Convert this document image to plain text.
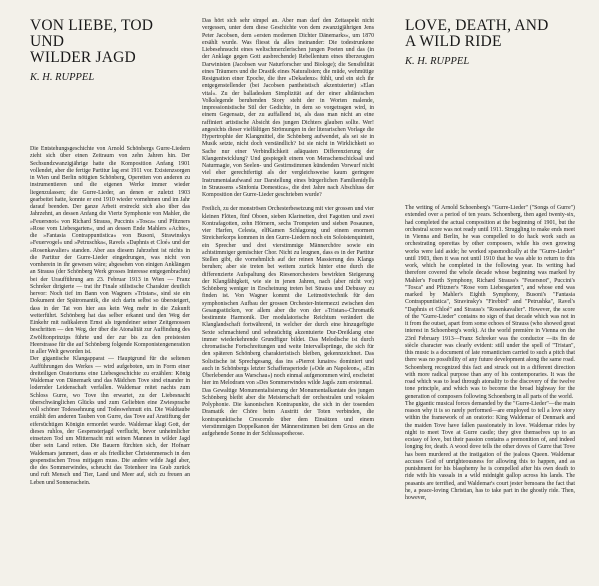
VON LIEBE, TOD UND
WILDER JAGD
K. H. RUPPEL

Die Entstehungsgeschichte von Arnold Schönbergs Gurre-Liedern zieht sich über einen Zeitraum von zehn Jahren hin. Der Sechsundzwanzigjährige hatte die Komposition Anfang 1901 vollendet, aber die fertige Partitur lag erst 1911 vor. Existenzsorgen in Wien und Berlin nötigten Schönberg, Operetten von anderen zu instrumentieren und die eigenen Werke immer wieder liegenzulassen; die Gurre-Lieder, an denen er zuletzt 1903 gearbeitet hatte, konnte er erst 1910 wieder vornehmen und im Jahr darauf beenden. Der ganze Arbeit erstreckt sich also über das Jahrzehnt, an dessen Anfang die Vierte Symphonie von Mahler, die »Feuersnot« von Richard Strauss, Puccinis »Tosca« und Pfitzners »Rose vom Liebesgarten«, und an dessen Ende Mahlers »Achte«, die »Fantasia Contrappuntistica« von Busoni, Strawinskys »Feuervogel« und »Petruschka«, Ravels »Daphnis et Cloé« und der »Rosenkavalier« standen. Aber aus diesem Jahrzehnt ist nichts in die Partitur der Gurre-Lieder eingedrungen, was nicht von vornherein in ihr gewesen wäre; abgesehen von einigen Anklängen an Strauss (der Schönberg Werk grosses Interesse entgegenbrachte) bei der Uraufführung am 23. Februar 1913 in Wien — Franz Schreker dirigierte — trat ihr Finale stilistische Charakter deutlich hervor: Noch tief im Bann von Wagners »Tristan«, sind sie ein Dokument der Spätromantik, die sich darin selbst so übersteigert, dass in der Tat von hier aus kein Weg mehr in die Zukunft weiterführt. Schönberg hat das selber erkannt und den Weg der Einkehr mit radikaleren Ernst als irgendeiner seiner Zeitgenossen beschritten — den Weg, der über die Atonalität zur Auffindung des Zwölftonprinzips führte und der zur bis zu den preistesten Heerstrasse für die auf Schönberg folgende Komponistengeneration in aller Welt geworden ist.

Der gigantische Klangapparat — Hauptgrund für die seltenen Aufführungen des Werkes — wird aufgeboten, um in Form einer dreiteiligen Oratoriums eine Liebesgeschichte zu erzählen: König Waldemar von Dänemark und das Mädchen Tove sind einander in lodernder Leidenschaft verfallen. Waldemar reitet nachts zum Schloss Gurre, wo Tove ihn erwartet, zu der Liebesnacht überschwänglichen Glücks und zum Geliebten eine Zwiesprache voll schöner Todessehnung und Todeswehmutt ein. Die Waldtaube erzählt den anderen Tauben von Gurre, das Tove auf Anstiftung der eifersüchtigen Königin ermordet wurde. Waldemar klagt Gott, der dieses ruhlos, der Gespensterjagd verflucht, bevor unheimlicher einsetzen Tod um Mitternacht mit seinen Mannen in wilder Jagd über sein Land reiten. Die Bauern fürchten sich, der Hofnarr Waldemars jammert, dass er als friedlicher Christenmensch in den gespenstischen Tross mitjagen muss. Die andere wilde Jagd aber, die des Sommerwindes, scheucht das Totenheer ins Grab zurück und ruft Mensch und Tier, Land und Meer auf, sich zu freuen an Leben und Sonnenschein.

Das hört sich sehr simpel an. Aber man darf den Zeitaspekt nicht vergessen, unter dem diese Geschichte von dem zwanzigjährigen Jens Peter Jacobsen, dem »ersten modernen Dichter Dänemarks«, um 1870 ersählt wurde. Was fliesst da alles ineinander: Die todestrunkene Liebesehnsucht eines weltschmerzlerischen jungen Poeten und das (in der Anklage gegen Gott ausbrechende) Rebellentum eines überzeugten Darwinisten (Jacobsen war Naturforscher und Biologe); die Sensibilität eines Träumers und die Drastik eines Naturalisten; die müde, wehmütige Resignation einer Epoche, die ihre »Dekadenz« fühlt, und ein sich ihr entgegenstellender (bei Jacobsen pantheistisch akzentuierter) »Elan vital«. Zu der balladesken Simplizität auf der einer altdänischen Volkslegende beruhenden Story steht der in Worten malende, impressionistische Stil der Gedichte, in dem so vorgetragen wird, in einem Gegensatz, der zu auffallend ist, als dass man nicht an eine raffiniert artistische Absicht des jungen Dichters glauben sollte. Wer! angesichts dieser vielfältigen Strömungen in der literarischen Vorlage die Hypertrophie der Klangmittel, die Schönberg aufwendet, als sei sie in Musik setzte, nicht doch verständlich? Ist sie nicht in Wirklichkeit so Sache nur einer Verbindlichkeit adäquaten Differenzierung der Klangentwicklung? Und gespiegelt einem von Menschenschicksal und Naturmagie, von Seelen- und Gestirnstimmen kündenden Vorwurf nicht viel eher gerechtfertigt als der vergleichsweise kaum geringere Instrumentalaufwand zur Darstellung eines bürgerlichen Familienidylls in Straussens »Sinfonia Domestica«, die drei Jahre nach Abschluss der Komposition der Gurre-Lieder geschrieben wurde?

Freilich, zu der monströsen Orchesterbesetzung mit vier grossen und vier kleinen Flöten, fünf Oboen, sieben Klarinetten, drei Fagotten und zwei Kontrafagotten, zehn Hörnern, sechs Trompeten und sieben Posaunen, vier Harfen, Celesta, elfKamen Schlagzeug und einem enormen Streicherkorps kommen in den Gurre-Liedern noch ein Soloistenquintett, ein Sprecher und drei vierstimmige Männerchöre sowie ein achtstimmiger gemischter Chor. Nicht zu leugnen, dass es in der Partitur Stellen gibt, die vornehmlich auf der reinen Massierung des Klangs beruhen; aber sie treten bei weitem zurück hinter eine durch die differenzierte Aufspaltung des Riesenorchesters bewirkten Steigerung der Klangfähigkeit, wie sie in jenen Jahren, nach (aber nicht vor) Schönberg weniger in Erscheinung treten bei Strauss und Debussy zu finden ist. Von Wagner kommt die Leitmotivtechnik für den symphonischen Aufbau der grossen Orchester-Intermezzi zwischen den Gesangsstücken, vor allem aber die von der »Tristan«-Chromatik bestimmte Harmonik. Der modulatorische Reichtum verändert die Klanglandschaft fortwährend, in welcher der durch eine hinzugefügte Sexte schmachtend und sehnsüchtig akzentuierte Dur-Dreiklang eine immer wiederkehrende Grundfigur bildet. Das Melodische ist durch chromatische Fortschreitungen und weite Intervallsprünge, die sich für den späteren Schönberg charakteristisch bleiben, gekennzeichnet. Das Solistische ist Sprechgesang, das ins »Pierrot lunaire« dominiert und auch in Schönbergs letzter Schaffensperiode (»Ode an Napoleon«, »Ein Überlebender aus Warschau«) noch einmal aufgenommen wird, erscheint hier im Melodram von »Des Sommerwindes wilde Jagd« zum erstenmal.

Das Gewaltige Monumentalisierung der Monumentalkantate des jungen Schönberg bleibt aber die Meisterschaft der orchestralen und vokalen Polyphonie. Die kanonischen Kontrapunkte, die sich in der tosenden Dramatik der Chöre beim Austritt der Toten verbinden, die kontrapunktische Crescendo über dem Einsätzen und einem vierstimmigen Doppelkanon der Männerstimmen bei dem Gruss an die aufgehende Sonne in der Schlussapotheose.

LOVE, DEATH, AND
A WILD RIDE
K. H. RUPPEL

The writing of Arnold Schoenberg's "Gurre-Lieder" ("Songs of Gurre") extended over a period of ten years. Schoenberg, then aged twenty-six, had completed the actual composition at the beginning of 1901, but the orchestral score was not ready until 1911. Struggling to make ends meet in Vienna and Berlin, he was compelled to do hack work such as orchestrating operettas by other composers, while his own growing works were laid aside; he worked spasmodically at the "Gurre-Lieder" until 1903, then it was not until 1910 that he was able to return to this work, which he completed in the following year. Its writing had therefore covered the whole decade whose beginning was marked by Mahler's Fourth Symphony, Richard Strauss's "Feuersnot", Puccini's "Tosca" and Pfitzner's "Rose vom Liebesgarten", and whose end was marked by Mahler's Eighth Symphony, Busoni's "Fantasia Contrappuntistica", Stravinsky's "Firebird" and "Petrushka", Ravel's "Daphnis et Chloé" and Strauss's "Rosenkavalier". However, the score of the "Gurre-Lieder" contains no sign of that decade which was not in it from the outset, apart from some echoes of Strauss (who showed great interest in Schoenberg's work). At the world première in Vienna on the 23rd February 1913—Franz Schreker was the conductor —its fin de siècle character was clearly evident: still under the spell of "Tristan", this music is a document of late romanticism carried to such a pitch that there was no possibility of any future development along the same road. Schoenberg recognized this fact and struck out in a different direction with more radical purpose than any of his contemporaries. It was the road which was to lead through atonality to the discovery of the twelve tone principle, and which was to become the broad highway for the generation of composers following Schoenberg in all parts of the world.

The gigantic musical forces demanded by the "Gurre-Lieder"—the main reason why it is so rarely performed—are employed to tell a love story within the framework of an oratorio: King Waldemar of Denmark and the maiden Tove have fallen passionately in love. Waldemar rides by night to meet Tove at Gurre castle; they give themselves up to an ecstasy of love, but their passion contains a premonition of, and indeed longing for, death. A wood dove tells the other doves of Gurre that Tove has been murdered at the instigation of the jealous Queen. Waldemar accuses God of unrighteousness for allowing this to happen, and as punishment for his blasphemy he is compelled after his own death to ride with his vassals in a wild midnight gallop across his lands. The peasants are terrified, and Waldemar's court jester bemoans the fact that he, a peace-loving Christian, has to take part in the ghostly ride. Then, however,
